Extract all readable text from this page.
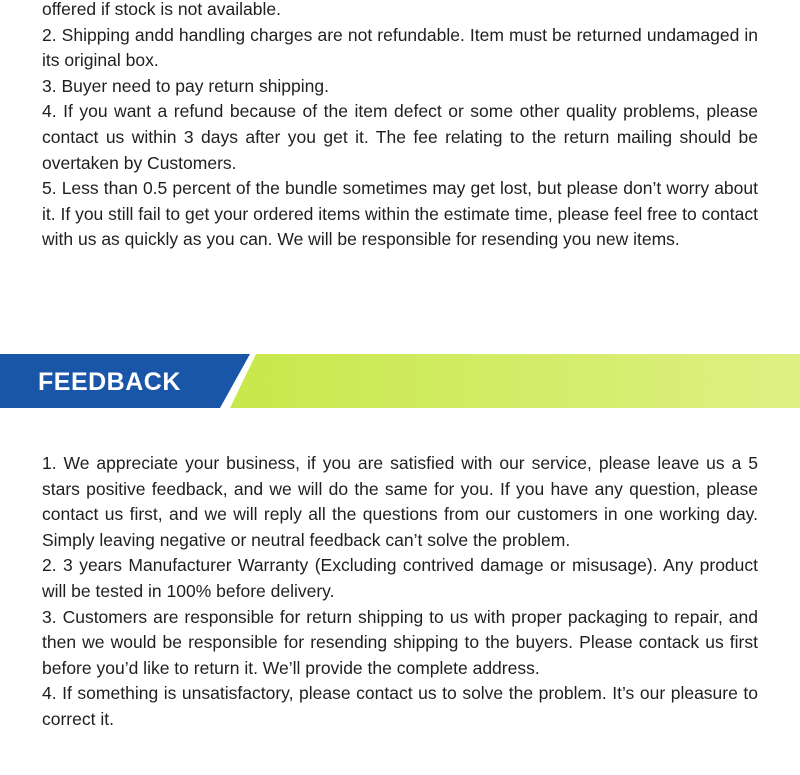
offered if stock is not available.

2. Shipping andd handling charges are not refundable. Item must be returned undamaged in its original box.

3. Buyer need to pay return shipping.

4. If you want a refund because of the item defect or some other quality problems, please contact us within 3 days after you get it. The fee relating to the return mailing should be overtaken by Customers.

5. Less than 0.5 percent of the bundle sometimes may get lost, but please don’t worry about it. If you still fail to get your ordered items within the estimate time, please feel free to contact with us as quickly as you can. We will be responsible for resending you new items.

FEEDBACK

1. We appreciate your business, if you are satisfied with our service, please leave us a 5 stars positive feedback, and we will do the same for you. If you have any question, please contact us first, and we will reply all the questions from our customers in one working day. Simply leaving negative or neutral feedback can’t solve the problem.

2. 3 years Manufacturer Warranty (Excluding contrived damage or misusage). Any product will be tested in 100% before delivery.

3. Customers are responsible for return shipping to us with proper packaging to repair, and then we would be responsible for resending shipping to the buyers. Please contack us first before you’d like to return it. We’ll provide the complete address.

4. If something is unsatisfactory, please contact us to solve the problem. It’s our pleasure to correct it.
